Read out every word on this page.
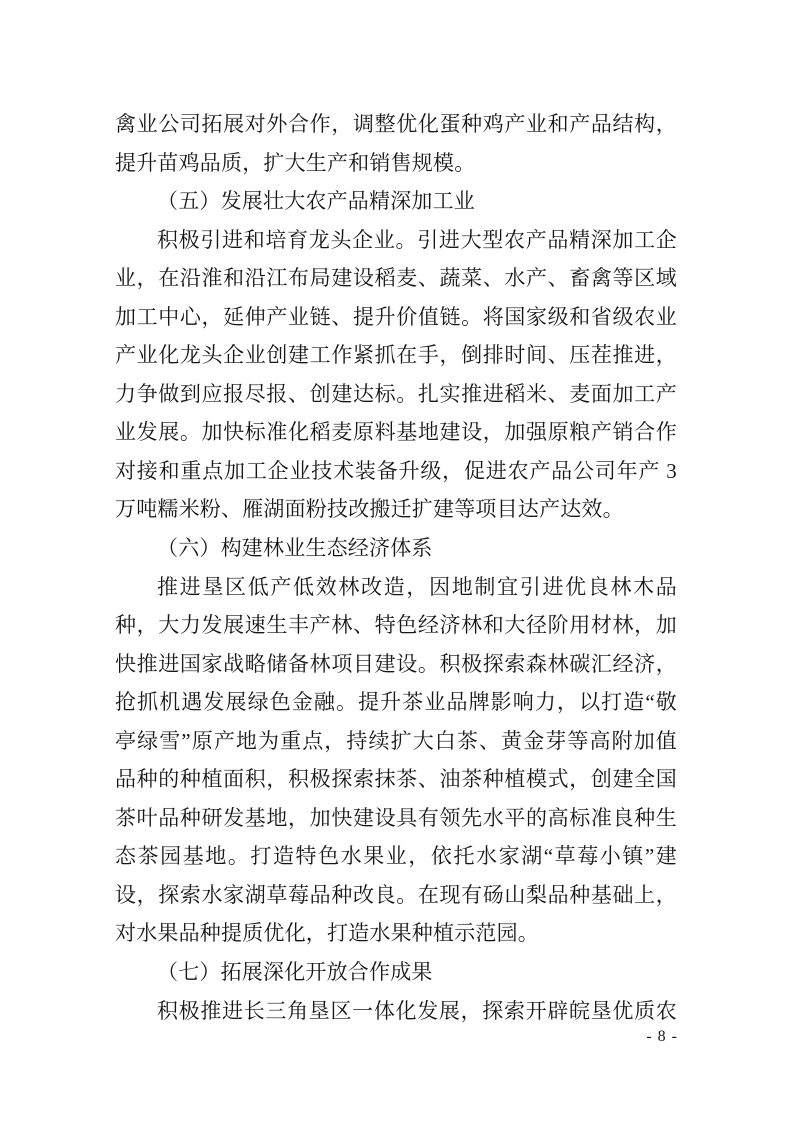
禽业公司拓展对外合作，调整优化蛋种鸡产业和产品结构，
提升苗鸡品质，扩大生产和销售规模。
（五）发展壮大农产品精深加工业
积极引进和培育龙头企业。引进大型农产品精深加工企
业，在沿淮和沿江布局建设稻麦、蔬菜、水产、畜禽等区域
加工中心，延伸产业链、提升价值链。将国家级和省级农业
产业化龙头企业创建工作紧抓在手，倒排时间、压茬推进，
力争做到应报尽报、创建达标。扎实推进稻米、麦面加工产
业发展。加快标准化稻麦原料基地建设，加强原粮产销合作
对接和重点加工企业技术装备升级，促进农产品公司年产 3
万吨糯米粉、雁湖面粉技改搬迁扩建等项目达产达效。
（六）构建林业生态经济体系
推进垦区低产低效林改造，因地制宜引进优良林木品
种，大力发展速生丰产林、特色经济林和大径阶用材林，加
快推进国家战略储备林项目建设。积极探索森林碳汇经济，
抢抓机遇发展绿色金融。提升茶业品牌影响力，以打造“敬
亭绿雪”原产地为重点，持续扩大白茶、黄金芽等高附加值
品种的种植面积，积极探索抹茶、油茶种植模式，创建全国
茶叶品种研发基地，加快建设具有领先水平的高标准良种生
态茶园基地。打造特色水果业，依托水家湖“草莓小镇”建
设，探索水家湖草莓品种改良。在现有砀山梨品种基础上，
对水果品种提质优化，打造水果种植示范园。
（七）拓展深化开放合作成果
积极推进长三角垦区一体化发展，探索开辟皖垦优质农
- 8 -
